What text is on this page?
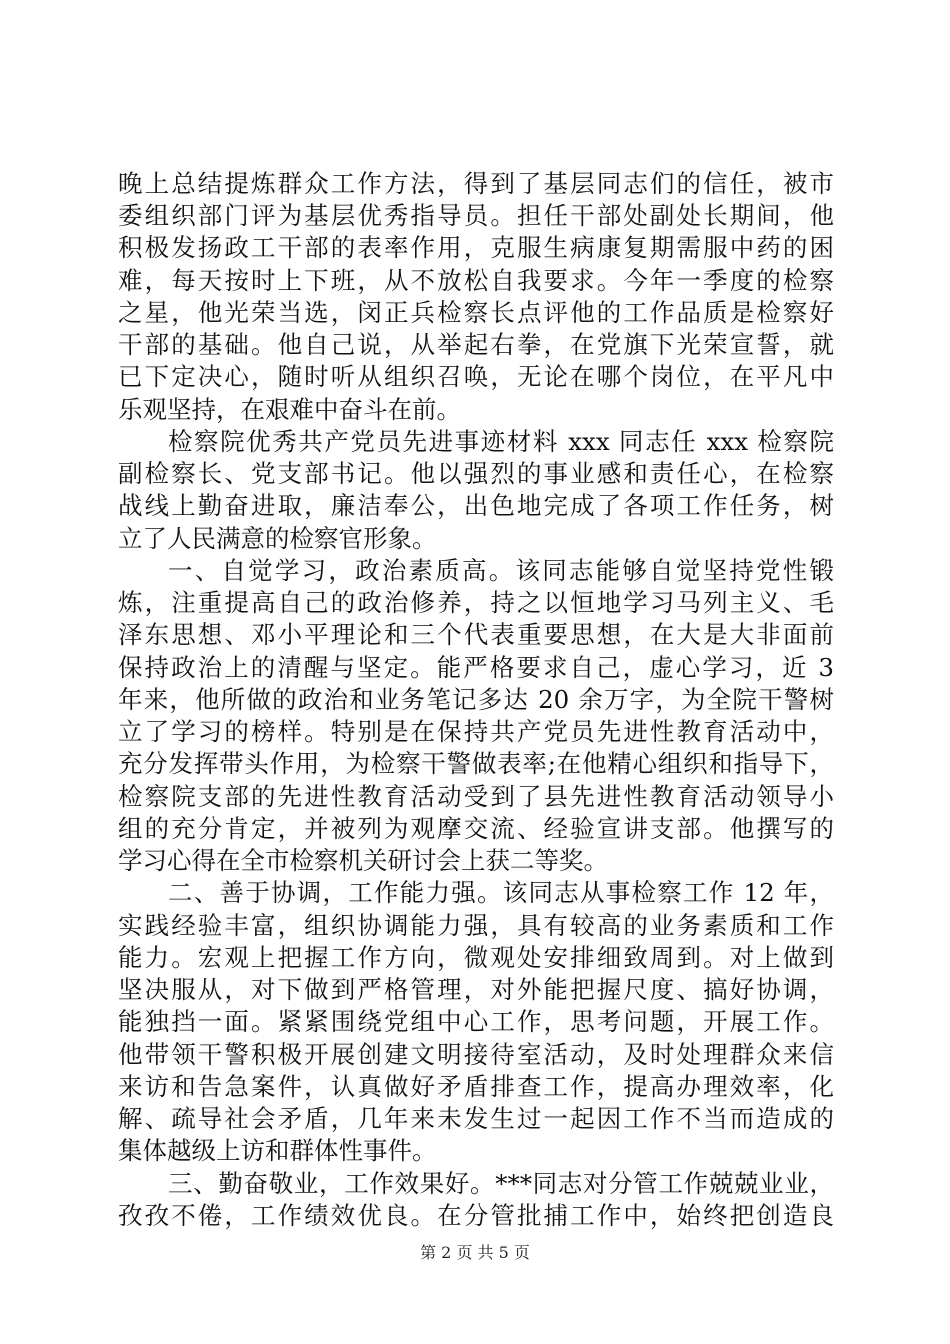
晚上总结提炼群众工作方法，得到了基层同志们的信任，被市
委组织部门评为基层优秀指导员。担任干部处副处长期间，他
积极发扬政工干部的表率作用，克服生病康复期需服中药的困
难，每天按时上下班，从不放松自我要求。今年一季度的检察
之星，他光荣当选，闵正兵检察长点评他的工作品质是检察好
干部的基础。他自己说，从举起右拳，在党旗下光荣宣誓，就
已下定决心，随时听从组织召唤，无论在哪个岗位，在平凡中
乐观坚持，在艰难中奋斗在前。
检察院优秀共产党员先进事迹材料 xxx 同志任 xxx 检察院
副检察长、党支部书记。他以强烈的事业感和责任心，在检察
战线上勤奋进取，廉洁奉公，出色地完成了各项工作任务，树
立了人民满意的检察官形象。
一、自觉学习，政治素质高。该同志能够自觉坚持党性锻
炼，注重提高自己的政治修养，持之以恒地学习马列主义、毛
泽东思想、邓小平理论和三个代表重要思想，在大是大非面前
保持政治上的清醒与坚定。能严格要求自己，虚心学习，近 3
年来，他所做的政治和业务笔记多达 20 余万字，为全院干警树
立了学习的榜样。特别是在保持共产党员先进性教育活动中，
充分发挥带头作用，为检察干警做表率;在他精心组织和指导下，
检察院支部的先进性教育活动受到了县先进性教育活动领导小
组的充分肯定，并被列为观摩交流、经验宣讲支部。他撰写的
学习心得在全市检察机关研讨会上获二等奖。
二、善于协调，工作能力强。该同志从事检察工作 12 年，
实践经验丰富，组织协调能力强，具有较高的业务素质和工作
能力。宏观上把握工作方向，微观处安排细致周到。对上做到
坚决服从，对下做到严格管理，对外能把握尺度、搞好协调，
能独挡一面。紧紧围绕党组中心工作，思考问题，开展工作。
他带领干警积极开展创建文明接待室活动，及时处理群众来信
第 2 页 共 5 页
来访和告急案件，认真做好矛盾排查工作，提高办理效率，化
解、疏导社会矛盾，几年来未发生过一起因工作不当而造成的
集体越级上访和群体性事件。
三、勤奋敬业，工作效果好。***同志对分管工作兢兢业业，
孜孜不倦，工作绩效优良。在分管批捕工作中，始终把创造良
